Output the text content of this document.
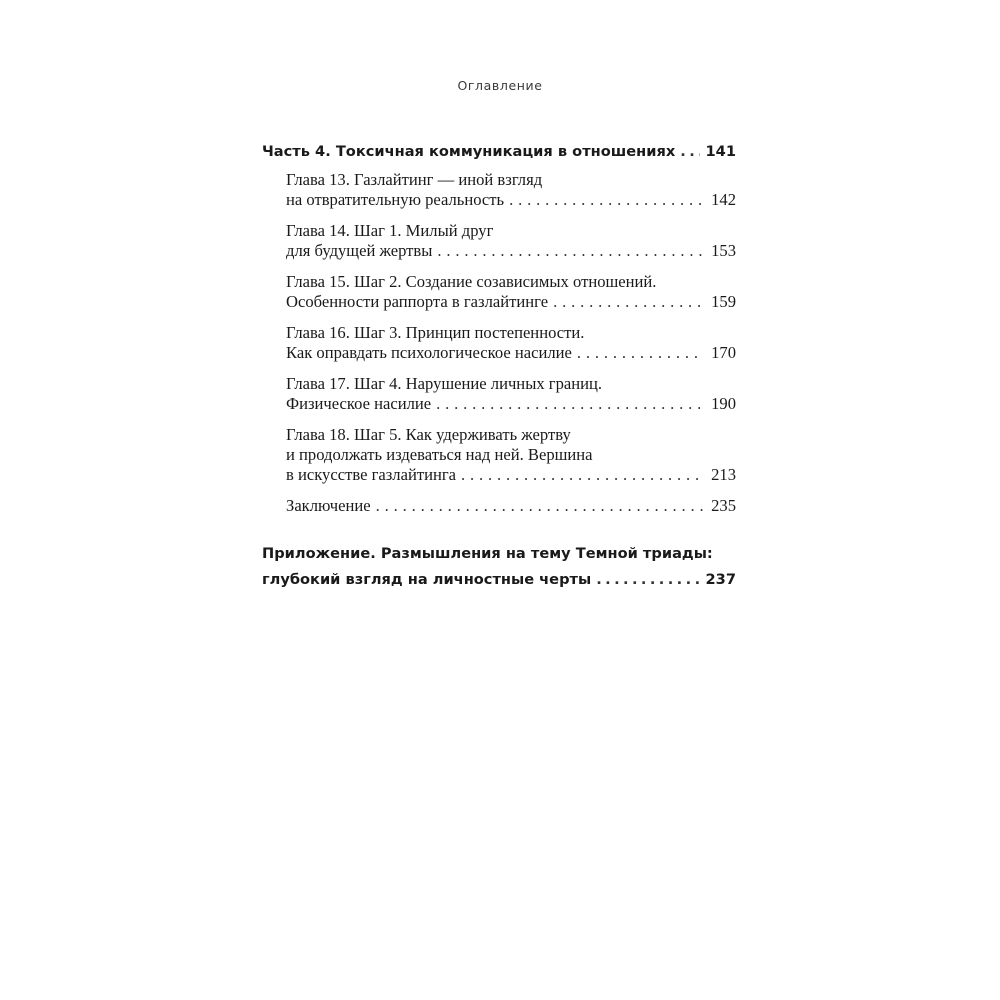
Оглавление
Часть 4. Токсичная коммуникация в отношениях ..... 141
Глава 13. Газлайтинг — иной взгляд
на отвратительную реальность . . .	142
Глава 14. Шаг 1. Милый друг
для будущей жертвы . . .	153
Глава 15. Шаг 2. Создание созависимых отношений.
Особенности раппорта в газлайтинге . . .	159
Глава 16. Шаг 3. Принцип постепенности.
Как оправдать психологическое насилие . . .	170
Глава 17. Шаг 4. Нарушение личных границ.
Физическое насилие . . .	190
Глава 18. Шаг 5. Как удерживать жертву
и продолжать издеваться над ней. Вершина
в искусстве газлайтинга . . .	213
Заключение . . .	235
Приложение. Размышления на тему Темной триады:
глубокий взгляд на личностные черты .....	237
